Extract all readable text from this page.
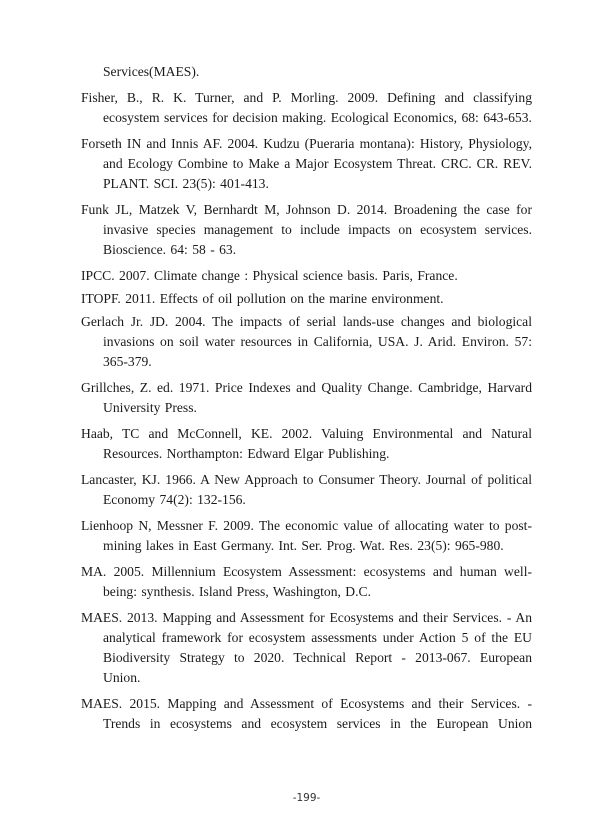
Services(MAES).

Fisher, B., R. K. Turner, and P. Morling. 2009. Defining and classifying ecosystem services for decision making. Ecological Economics, 68: 643-653.

Forseth IN and Innis AF. 2004. Kudzu (Pueraria montana): History, Physiology, and Ecology Combine to Make a Major Ecosystem Threat. CRC. CR. REV. PLANT. SCI. 23(5): 401-413.

Funk JL, Matzek V, Bernhardt M, Johnson D. 2014. Broadening the case for invasive species management to include impacts on ecosystem services. Bioscience. 64: 58 - 63.

IPCC. 2007. Climate change : Physical science basis. Paris, France.

ITOPF. 2011. Effects of oil pollution on the marine environment.

Gerlach Jr. JD. 2004. The impacts of serial lands-use changes and biological invasions on soil water resources in California, USA. J. Arid. Environ. 57: 365-379.

Grillches, Z. ed. 1971. Price Indexes and Quality Change. Cambridge, Harvard University Press.

Haab, TC and McConnell, KE. 2002. Valuing Environmental and Natural Resources. Northampton: Edward Elgar Publishing.

Lancaster, KJ. 1966. A New Approach to Consumer Theory. Journal of political Economy 74(2): 132-156.

Lienhoop N, Messner F. 2009. The economic value of allocating water to post-mining lakes in East Germany. Int. Ser. Prog. Wat. Res. 23(5): 965-980.

MA. 2005. Millennium Ecosystem Assessment: ecosystems and human well-being: synthesis. Island Press, Washington, D.C.

MAES. 2013. Mapping and Assessment for Ecosystems and their Services. - An analytical framework for ecosystem assessments under Action 5 of the EU Biodiversity Strategy to 2020. Technical Report - 2013-067. European Union.

MAES. 2015. Mapping and Assessment of Ecosystems and their Services. - Trends in ecosystems and ecosystem services in the European Union

-199-
